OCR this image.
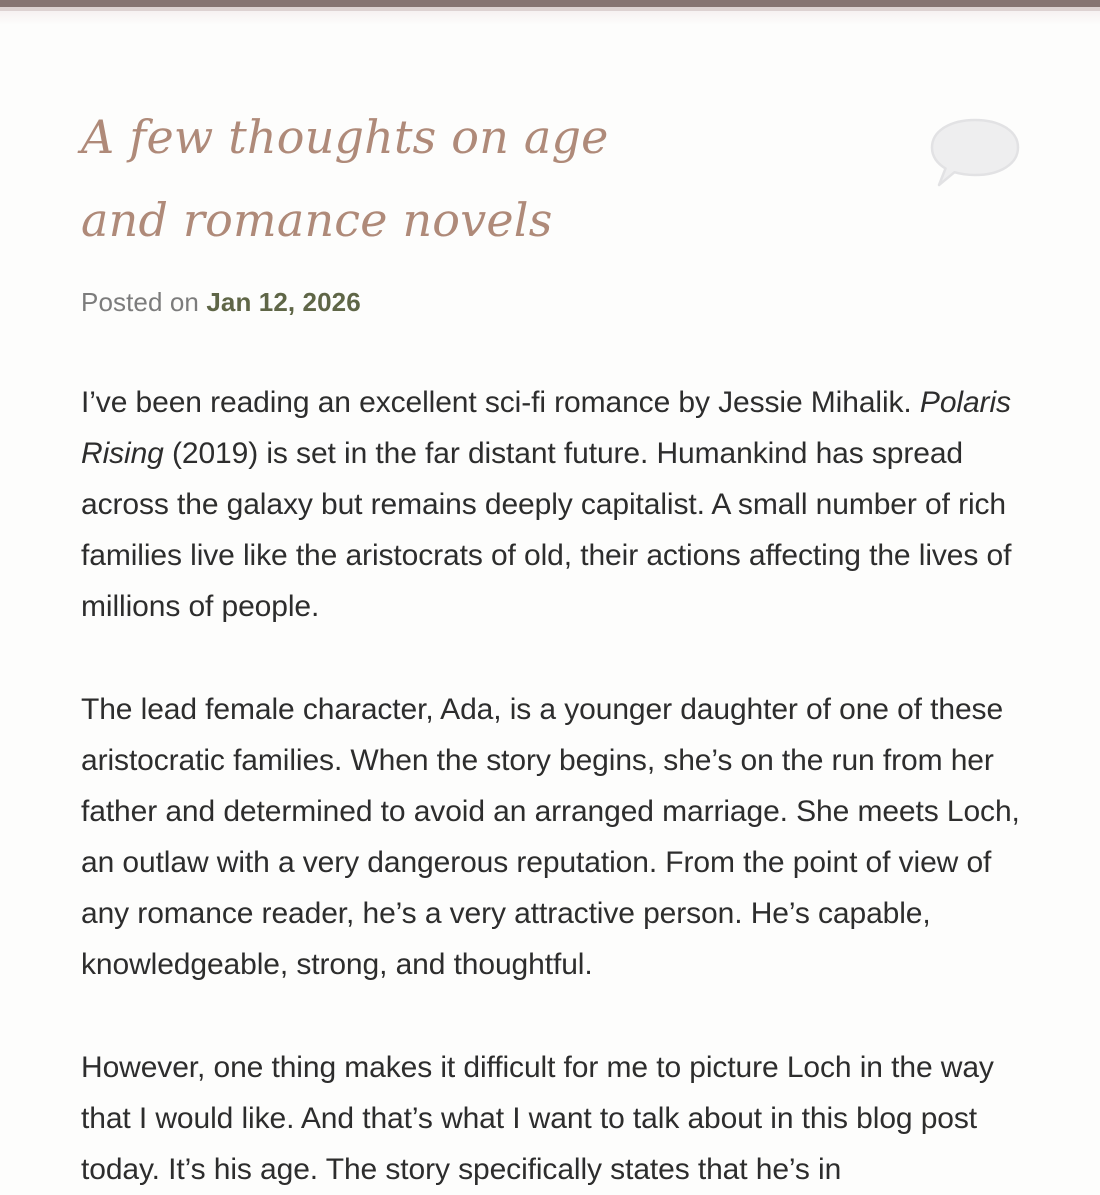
A few thoughts on age and romance novels

Posted on Jan 12, 2026

I’ve been reading an excellent sci-fi romance by Jessie Mihalik. Polaris Rising (2019) is set in the far distant future. Humankind has spread across the galaxy but remains deeply capitalist. A small number of rich families live like the aristocrats of old, their actions affecting the lives of millions of people.

The lead female character, Ada, is a younger daughter of one of these aristocratic families. When the story begins, she’s on the run from her father and determined to avoid an arranged marriage. She meets Loch, an outlaw with a very dangerous reputation. From the point of view of any romance reader, he’s a very attractive person. He’s capable, knowledgeable, strong, and thoughtful.

However, one thing makes it difficult for me to picture Loch in the way that I would like. And that’s what I want to talk about in this blog post today. It’s his age. The story specifically states that he’s in
